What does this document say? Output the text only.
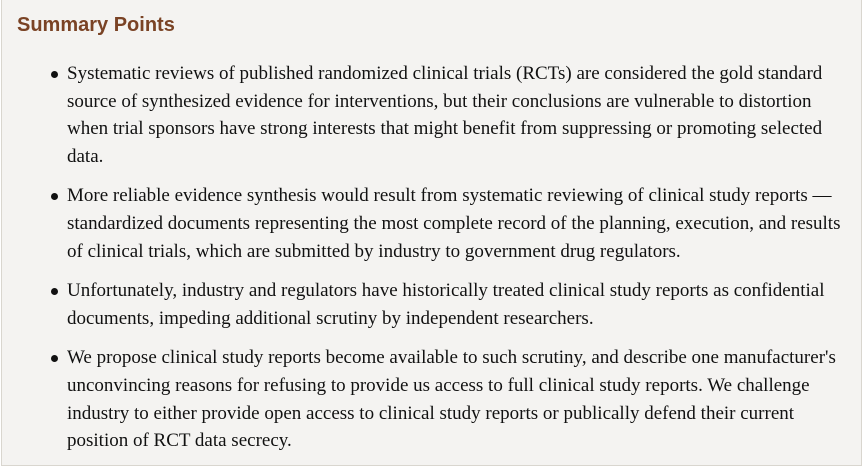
Summary Points
Systematic reviews of published randomized clinical trials (RCTs) are considered the gold standard source of synthesized evidence for interventions, but their conclusions are vulnerable to distortion when trial sponsors have strong interests that might benefit from suppressing or promoting selected data.
More reliable evidence synthesis would result from systematic reviewing of clinical study reports —standardized documents representing the most complete record of the planning, execution, and results of clinical trials, which are submitted by industry to government drug regulators.
Unfortunately, industry and regulators have historically treated clinical study reports as confidential documents, impeding additional scrutiny by independent researchers.
We propose clinical study reports become available to such scrutiny, and describe one manufacturer's unconvincing reasons for refusing to provide us access to full clinical study reports. We challenge industry to either provide open access to clinical study reports or publically defend their current position of RCT data secrecy.
